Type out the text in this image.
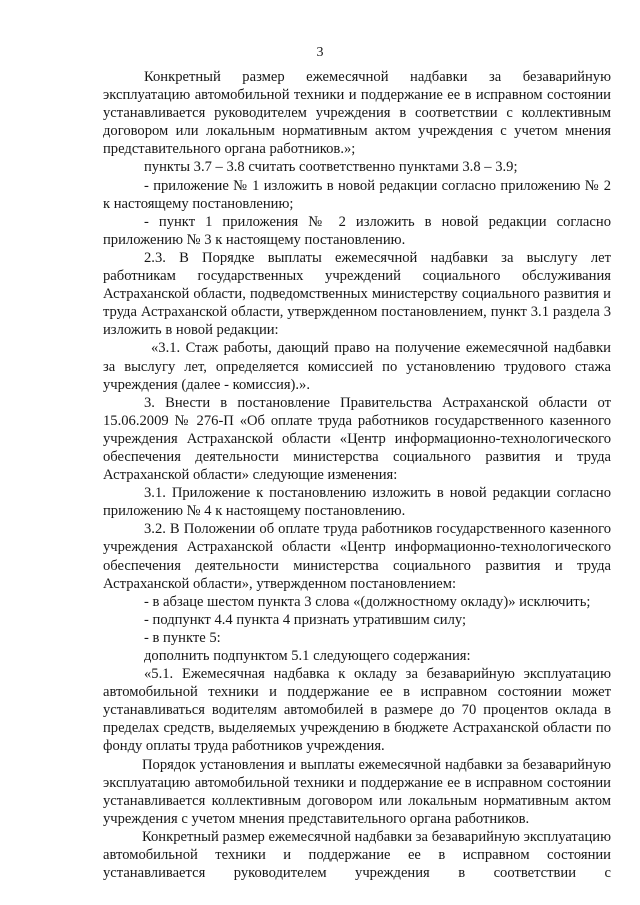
3

Конкретный размер ежемесячной надбавки за безаварийную эксплуатацию автомобильной техники и поддержание ее в исправном состоянии устанавливается руководителем учреждения в соответствии с коллективным договором или локальным нормативным актом учреждения с учетом мнения представительного органа работников.»;

пункты 3.7 – 3.8 считать соответственно пунктами 3.8 – 3.9;

- приложение № 1 изложить в новой редакции согласно приложению № 2 к настоящему постановлению;

- пункт 1 приложения № 2 изложить в новой редакции согласно приложению № 3 к настоящему постановлению.

2.3. В Порядке выплаты ежемесячной надбавки за выслугу лет работникам государственных учреждений социального обслуживания Астраханской области, подведомственных министерству социального развития и труда Астраханской области, утвержденном постановлением, пункт 3.1 раздела 3 изложить в новой редакции:

«3.1. Стаж работы, дающий право на получение ежемесячной надбавки за выслугу лет, определяется комиссией по установлению трудового стажа учреждения (далее - комиссия).».

3. Внести в постановление Правительства Астраханской области от 15.06.2009 № 276-П «Об оплате труда работников государственного казенного учреждения Астраханской области «Центр информационно-технологического обеспечения деятельности министерства социального развития и труда Астраханской области» следующие изменения:

3.1. Приложение к постановлению изложить в новой редакции согласно приложению № 4 к настоящему постановлению.

3.2. В Положении об оплате труда работников государственного казенного учреждения Астраханской области «Центр информационно-технологического обеспечения деятельности министерства социального развития и труда Астраханской области», утвержденном постановлением:

- в абзаце шестом пункта 3 слова «(должностному окладу)» исключить;

- подпункт 4.4 пункта 4 признать утратившим силу;

- в пункте 5:

дополнить подпунктом 5.1 следующего содержания:

«5.1. Ежемесячная надбавка к окладу за безаварийную эксплуатацию автомобильной техники и поддержание ее в исправном состоянии может устанавливаться водителям автомобилей в размере до 70 процентов оклада в пределах средств, выделяемых учреждению в бюджете Астраханской области по фонду оплаты труда работников учреждения.

Порядок установления и выплаты ежемесячной надбавки за безаварийную эксплуатацию автомобильной техники и поддержание ее в исправном состоянии устанавливается коллективным договором или локальным нормативным актом учреждения с учетом мнения представительного органа работников.

Конкретный размер ежемесячной надбавки за безаварийную эксплуатацию автомобильной техники и поддержание ее в исправном состоянии устанавливается руководителем учреждения в соответствии с
